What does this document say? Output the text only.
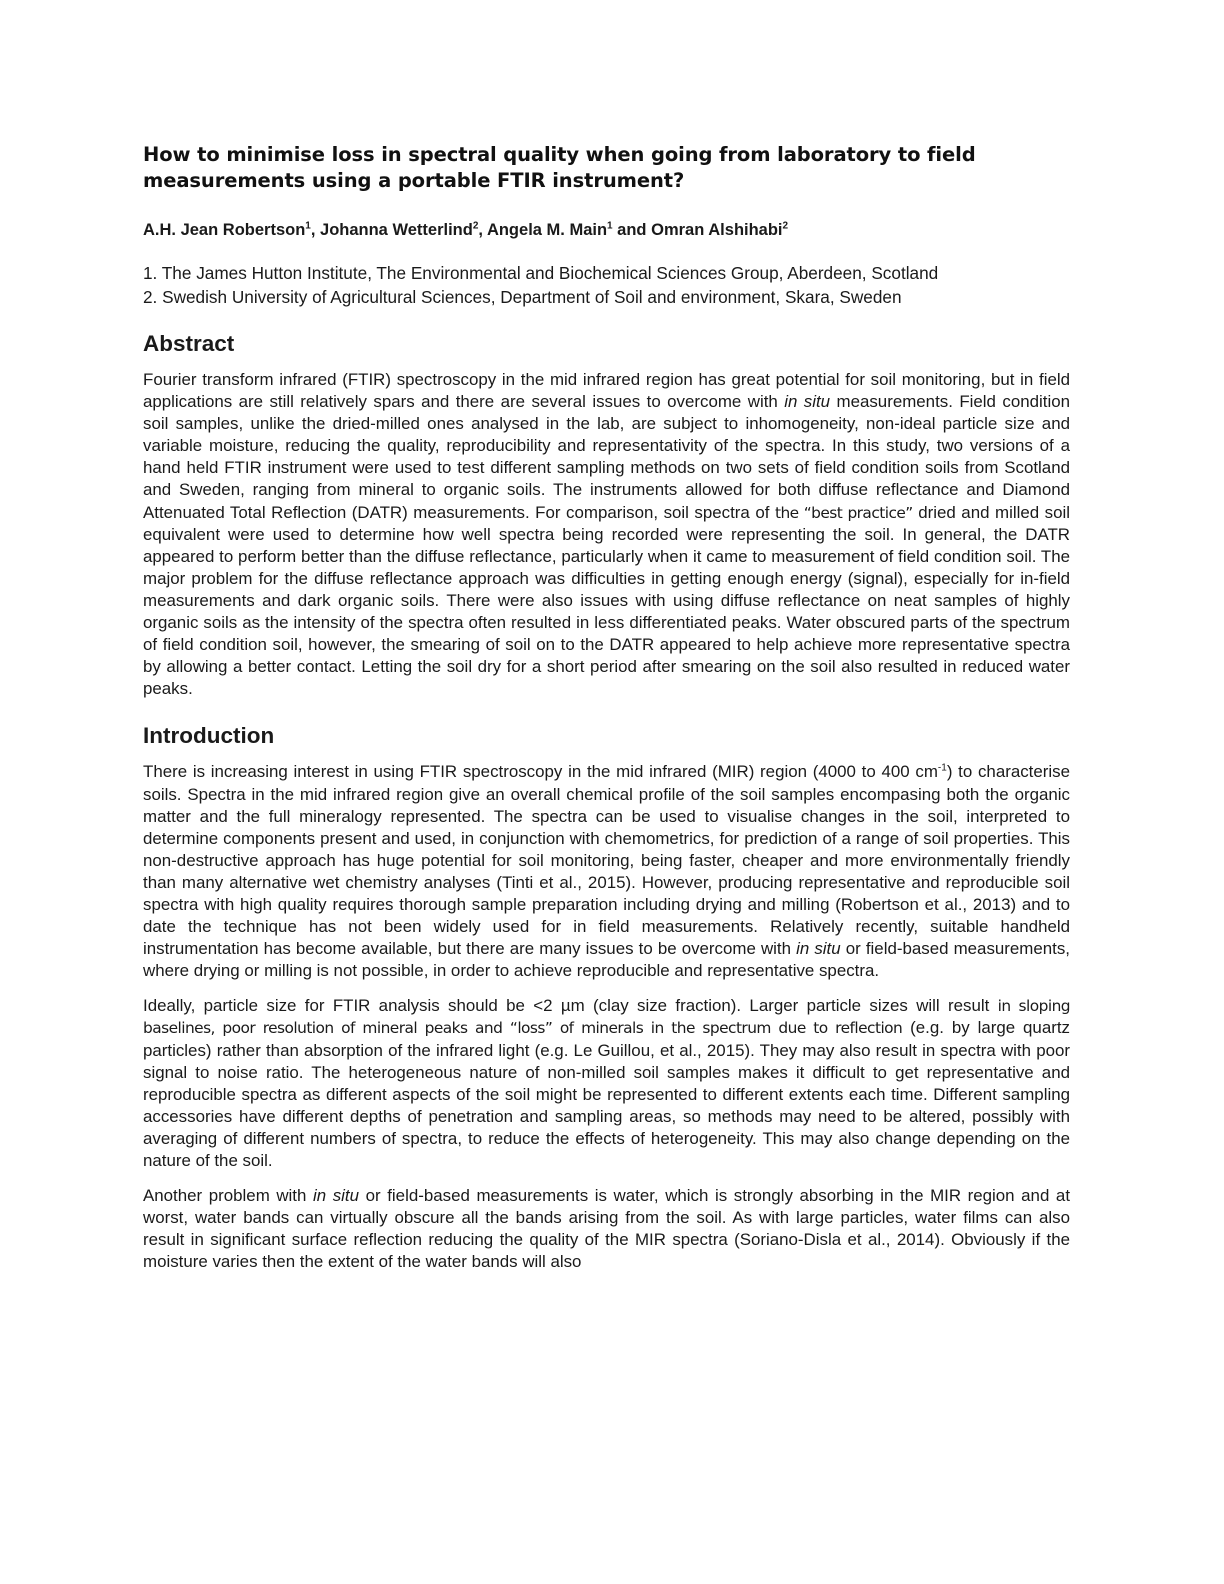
How to minimise loss in spectral quality when going from laboratory to field
measurements using a portable FTIR instrument?
A.H. Jean Robertson$^1$, Johanna Wetterlind$^2$, Angela M. Main$^1$ and Omran Alshihabi$^2$
1. The James Hutton Institute, The Environmental and Biochemical Sciences Group, Aberdeen, Scotland
2. Swedish University of Agricultural Sciences, Department of Soil and environment, Skara, Sweden
Abstract

Fourier transform infrared (FTIR) spectroscopy in the mid infrared region has great potential for soil monitoring, but in field applications are still relatively spars and there are several issues to overcome with in situ measurements. Field condition soil samples, unlike the dried-milled ones analysed in the lab, are subject to inhomogeneity, non-ideal particle size and variable moisture, reducing the quality, reproducibility and representativity of the spectra. In this study, two versions of a hand held FTIR instrument were used to test different sampling methods on two sets of field condition soils from Scotland and Sweden, ranging from mineral to organic soils. The instruments allowed for both diffuse reflectance and Diamond Attenuated Total Reflection (DATR) measurements. For comparison, soil spectra of the “best practice” dried and milled soil equivalent were used to determine how well spectra being recorded were representing the soil. In general, the DATR appeared to perform better than the diffuse reflectance, particularly when it came to measurement of field condition soil. The major problem for the diffuse reflectance approach was difficulties in getting enough energy (signal), especially for in-field measurements and dark organic soils. There were also issues with using diffuse reflectance on neat samples of highly organic soils as the intensity of the spectra often resulted in less differentiated peaks. Water obscured parts of the spectrum of field condition soil, however, the smearing of soil on to the DATR appeared to help achieve more representative spectra by allowing a better contact. Letting the soil dry for a short period after smearing on the soil also resulted in reduced water peaks.

Introduction

There is increasing interest in using FTIR spectroscopy in the mid infrared (MIR) region (4000 to 400 $cm^{-1}$) to characterise soils. Spectra in the mid infrared region give an overall chemical profile of the soil samples encompasing both the organic matter and the full mineralogy represented. The spectra can be used to visualise changes in the soil, interpreted to determine components present and used, in conjunction with chemometrics, for prediction of a range of soil properties. This non-destructive approach has huge potential for soil monitoring, being faster, cheaper and more environmentally friendly than many alternative wet chemistry analyses (Tinti et al., 2015). However, producing representative and reproducible soil spectra with high quality requires thorough sample preparation including drying and milling (Robertson et al., 2013) and to date the technique has not been widely used for in field measurements. Relatively recently, suitable handheld instrumentation has become available, but there are many issues to be overcome with in situ or field-based measurements, where drying or milling is not possible, in order to achieve reproducible and representative spectra.

Ideally, particle size for FTIR analysis should be <2 µm (clay size fraction). Larger particle sizes will result in sloping baselines, poor resolution of mineral peaks and “loss” of minerals in the spectrum due to reflection (e.g. by large quartz particles) rather than absorption of the infrared light (e.g. Le Guillou, et al., 2015). They may also result in spectra with poor signal to noise ratio. The heterogeneous nature of non-milled soil samples makes it difficult to get representative and reproducible spectra as different aspects of the soil might be represented to different extents each time. Different sampling accessories have different depths of penetration and sampling areas, so methods may need to be altered, possibly with averaging of different numbers of spectra, to reduce the effects of heterogeneity. This may also change depending on the nature of the soil.

Another problem with in situ or field-based measurements is water, which is strongly absorbing in the MIR region and at worst, water bands can virtually obscure all the bands arising from the soil. As with large particles, water films can also result in significant surface reflection reducing the quality of the MIR spectra (Soriano-Disla et al., 2014). Obviously if the moisture varies then the extent of the water bands will also
